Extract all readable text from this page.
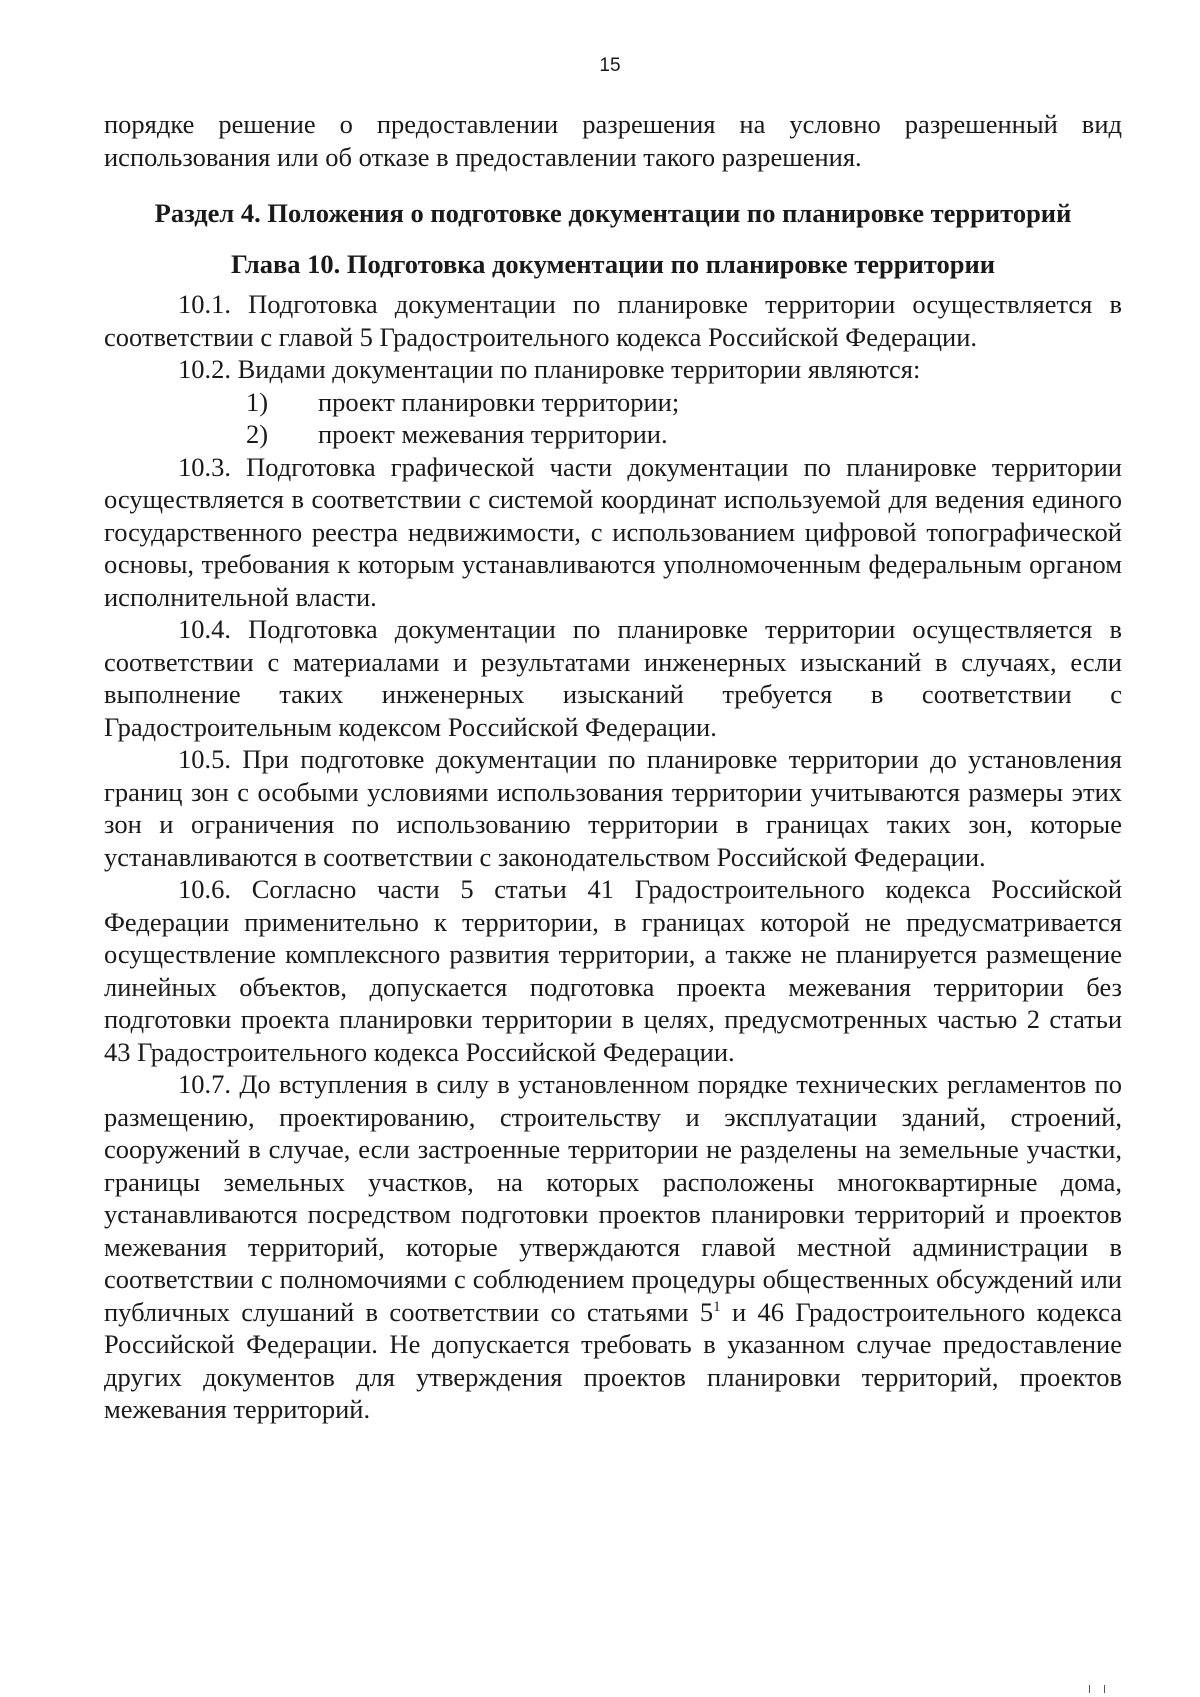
15

порядке решение о предоставлении разрешения на условно разрешенный вид использования или об отказе в предоставлении такого разрешения.

Раздел 4. Положения о подготовке документации по планировке территорий

Глава 10. Подготовка документации по планировке территории

10.1. Подготовка документации по планировке территории осуществляется в соответствии с главой 5 Градостроительного кодекса Российской Федерации.

10.2. Видами документации по планировке территории являются:

1) проект планировки территории;

2) проект межевания территории.

10.3. Подготовка графической части документации по планировке территории осуществляется в соответствии с системой координат используемой для ведения единого государственного реестра недвижимости, с использованием цифровой топографической основы, требования к которым устанавливаются уполномоченным федеральным органом исполнительной власти.

10.4. Подготовка документации по планировке территории осуществляется в соответствии с материалами и результатами инженерных изысканий в случаях, если выполнение таких инженерных изысканий требуется в соответствии с Градостроительным кодексом Российской Федерации.

10.5. При подготовке документации по планировке территории до установления границ зон с особыми условиями использования территории учитываются размеры этих зон и ограничения по использованию территории в границах таких зон, которые устанавливаются в соответствии с законодательством Российской Федерации.

10.6. Согласно части 5 статьи 41 Градостроительного кодекса Российской Федерации применительно к территории, в границах которой не предусматривается осуществление комплексного развития территории, а также не планируется размещение линейных объектов, допускается подготовка проекта межевания территории без подготовки проекта планировки территории в целях, предусмотренных частью 2 статьи 43 Градостроительного кодекса Российской Федерации.

10.7. До вступления в силу в установленном порядке технических регламентов по размещению, проектированию, строительству и эксплуатации зданий, строений, сооружений в случае, если застроенные территории не разделены на земельные участки, границы земельных участков, на которых расположены многоквартирные дома, устанавливаются посредством подготовки проектов планировки территорий и проектов межевания территорий, которые утверждаются главой местной администрации в соответствии с полномочиями с соблюдением процедуры общественных обсуждений или публичных слушаний в соответствии со статьями $5^1$ и 46 Градостроительного кодекса Российской Федерации. Не допускается требовать в указанном случае предоставление других документов для утверждения проектов планировки территорий, проектов межевания территорий.
